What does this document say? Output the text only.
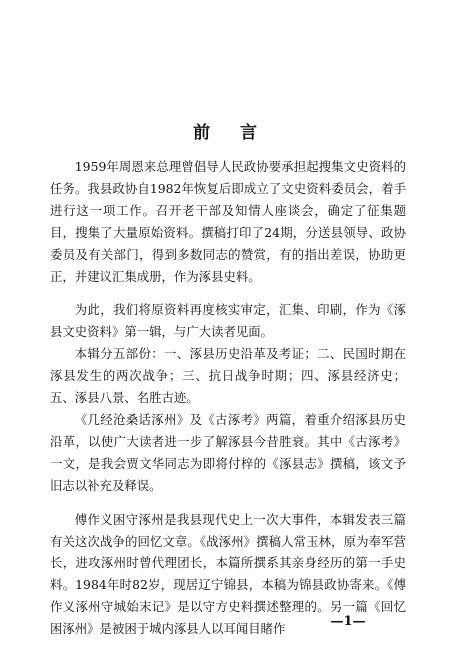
前言

1959年周恩来总理曾倡导人民政协要承担起搜集文史资料的任务。我县政协自1982年恢复后即成立了文史资料委员会，着手进行这一项工作。召开老干部及知情人座谈会，确定了征集题目，搜集了大量原始资料。撰稿打印了24期，分送县领导、政协委员及有关部门，得到多数同志的赞赏，有的指出差误，协助更正，并建议汇集成册，作为涿县史料。

为此，我们将原资料再度核实审定，汇集、印刷，作为《涿县文史资料》第一辑，与广大读者见面。

本辑分五部份：一、涿县历史沿革及考证；二、民国时期在涿县发生的两次战争；三、抗日战争时期；四、涿县经济史；五、涿县八景、名胜古迹。

《几经沧桑话涿州》及《古涿考》两篇，着重介绍涿县历史沿革，以使广大读者进一步了解涿县今昔胜衰。其中《古涿考》一文，是我会贾文华同志为即将付梓的《涿县志》撰稿，该文予旧志以补充及释误。

傅作义困守涿州是我县现代史上一次大事件，本辑发表三篇有关这次战争的回忆文章。《战涿州》撰稿人常玉林，原为奉军营长，进攻涿州时曾代理团长，本篇所撰系其亲身经历的第一手史料。1984年时82岁，现居辽宁锦县，本稿为锦县政协寄来。《傅作义涿州守城始末记》是以守方史料撰述整理的。另一篇《回忆困涿州》是被困于城内涿县人以耳闻目睹作	—1—
